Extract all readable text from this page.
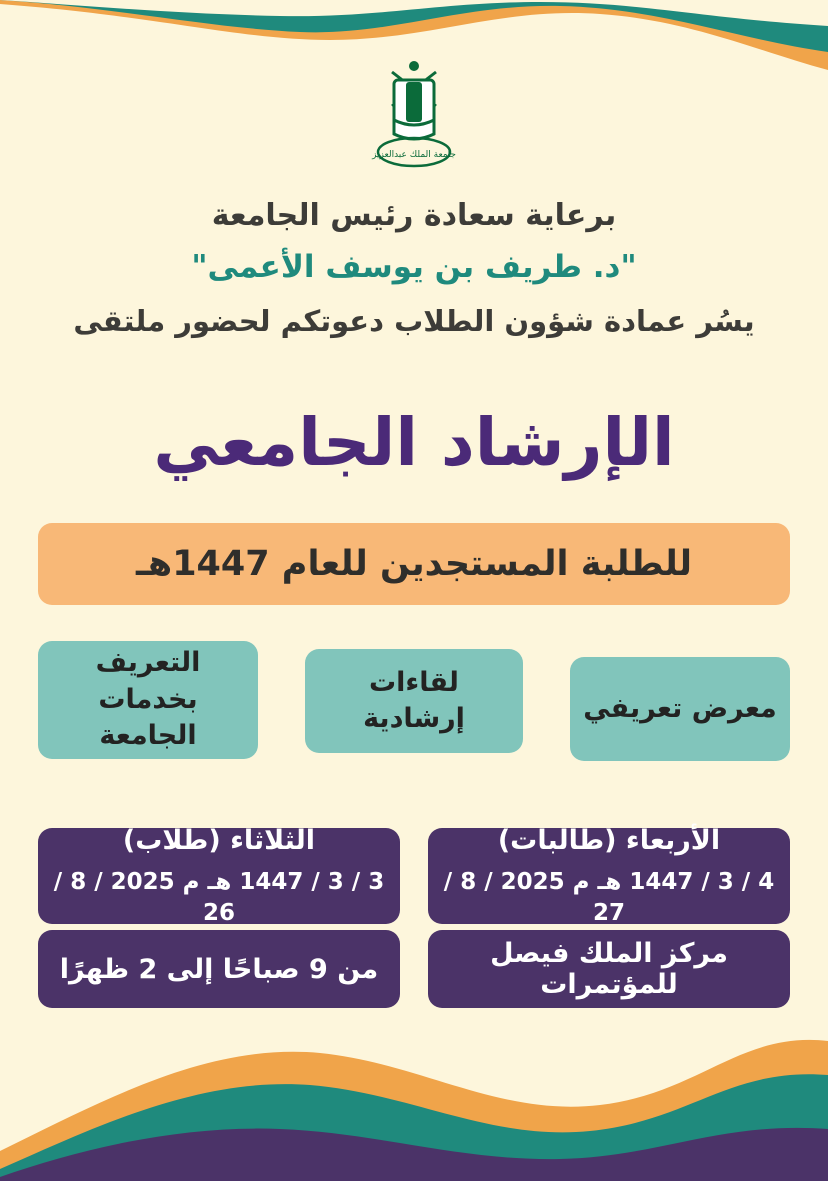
جامعة الملك عبدالعزيز
برعاية سعادة رئيس الجامعة
"د. طريف بن يوسف الأعمى"
يسُر عمادة شؤون الطلاب دعوتكم لحضور ملتقى
الإرشاد الجامعي
للطلبة المستجدين للعام 1447هـ
التعريف بخدمات الجامعة
لقاءات إرشادية	معرض تعريفي
الثلاثاء (طلاب)
3 / 3 / 1447 هـ م 2025 / 8 / 26
الأربعاء (طالبات)
4 / 3 / 1447 هـ م 2025 / 8 / 27
من 9 صباحًا إلى 2 ظهرًا	مركز الملك فيصل للمؤتمرات
